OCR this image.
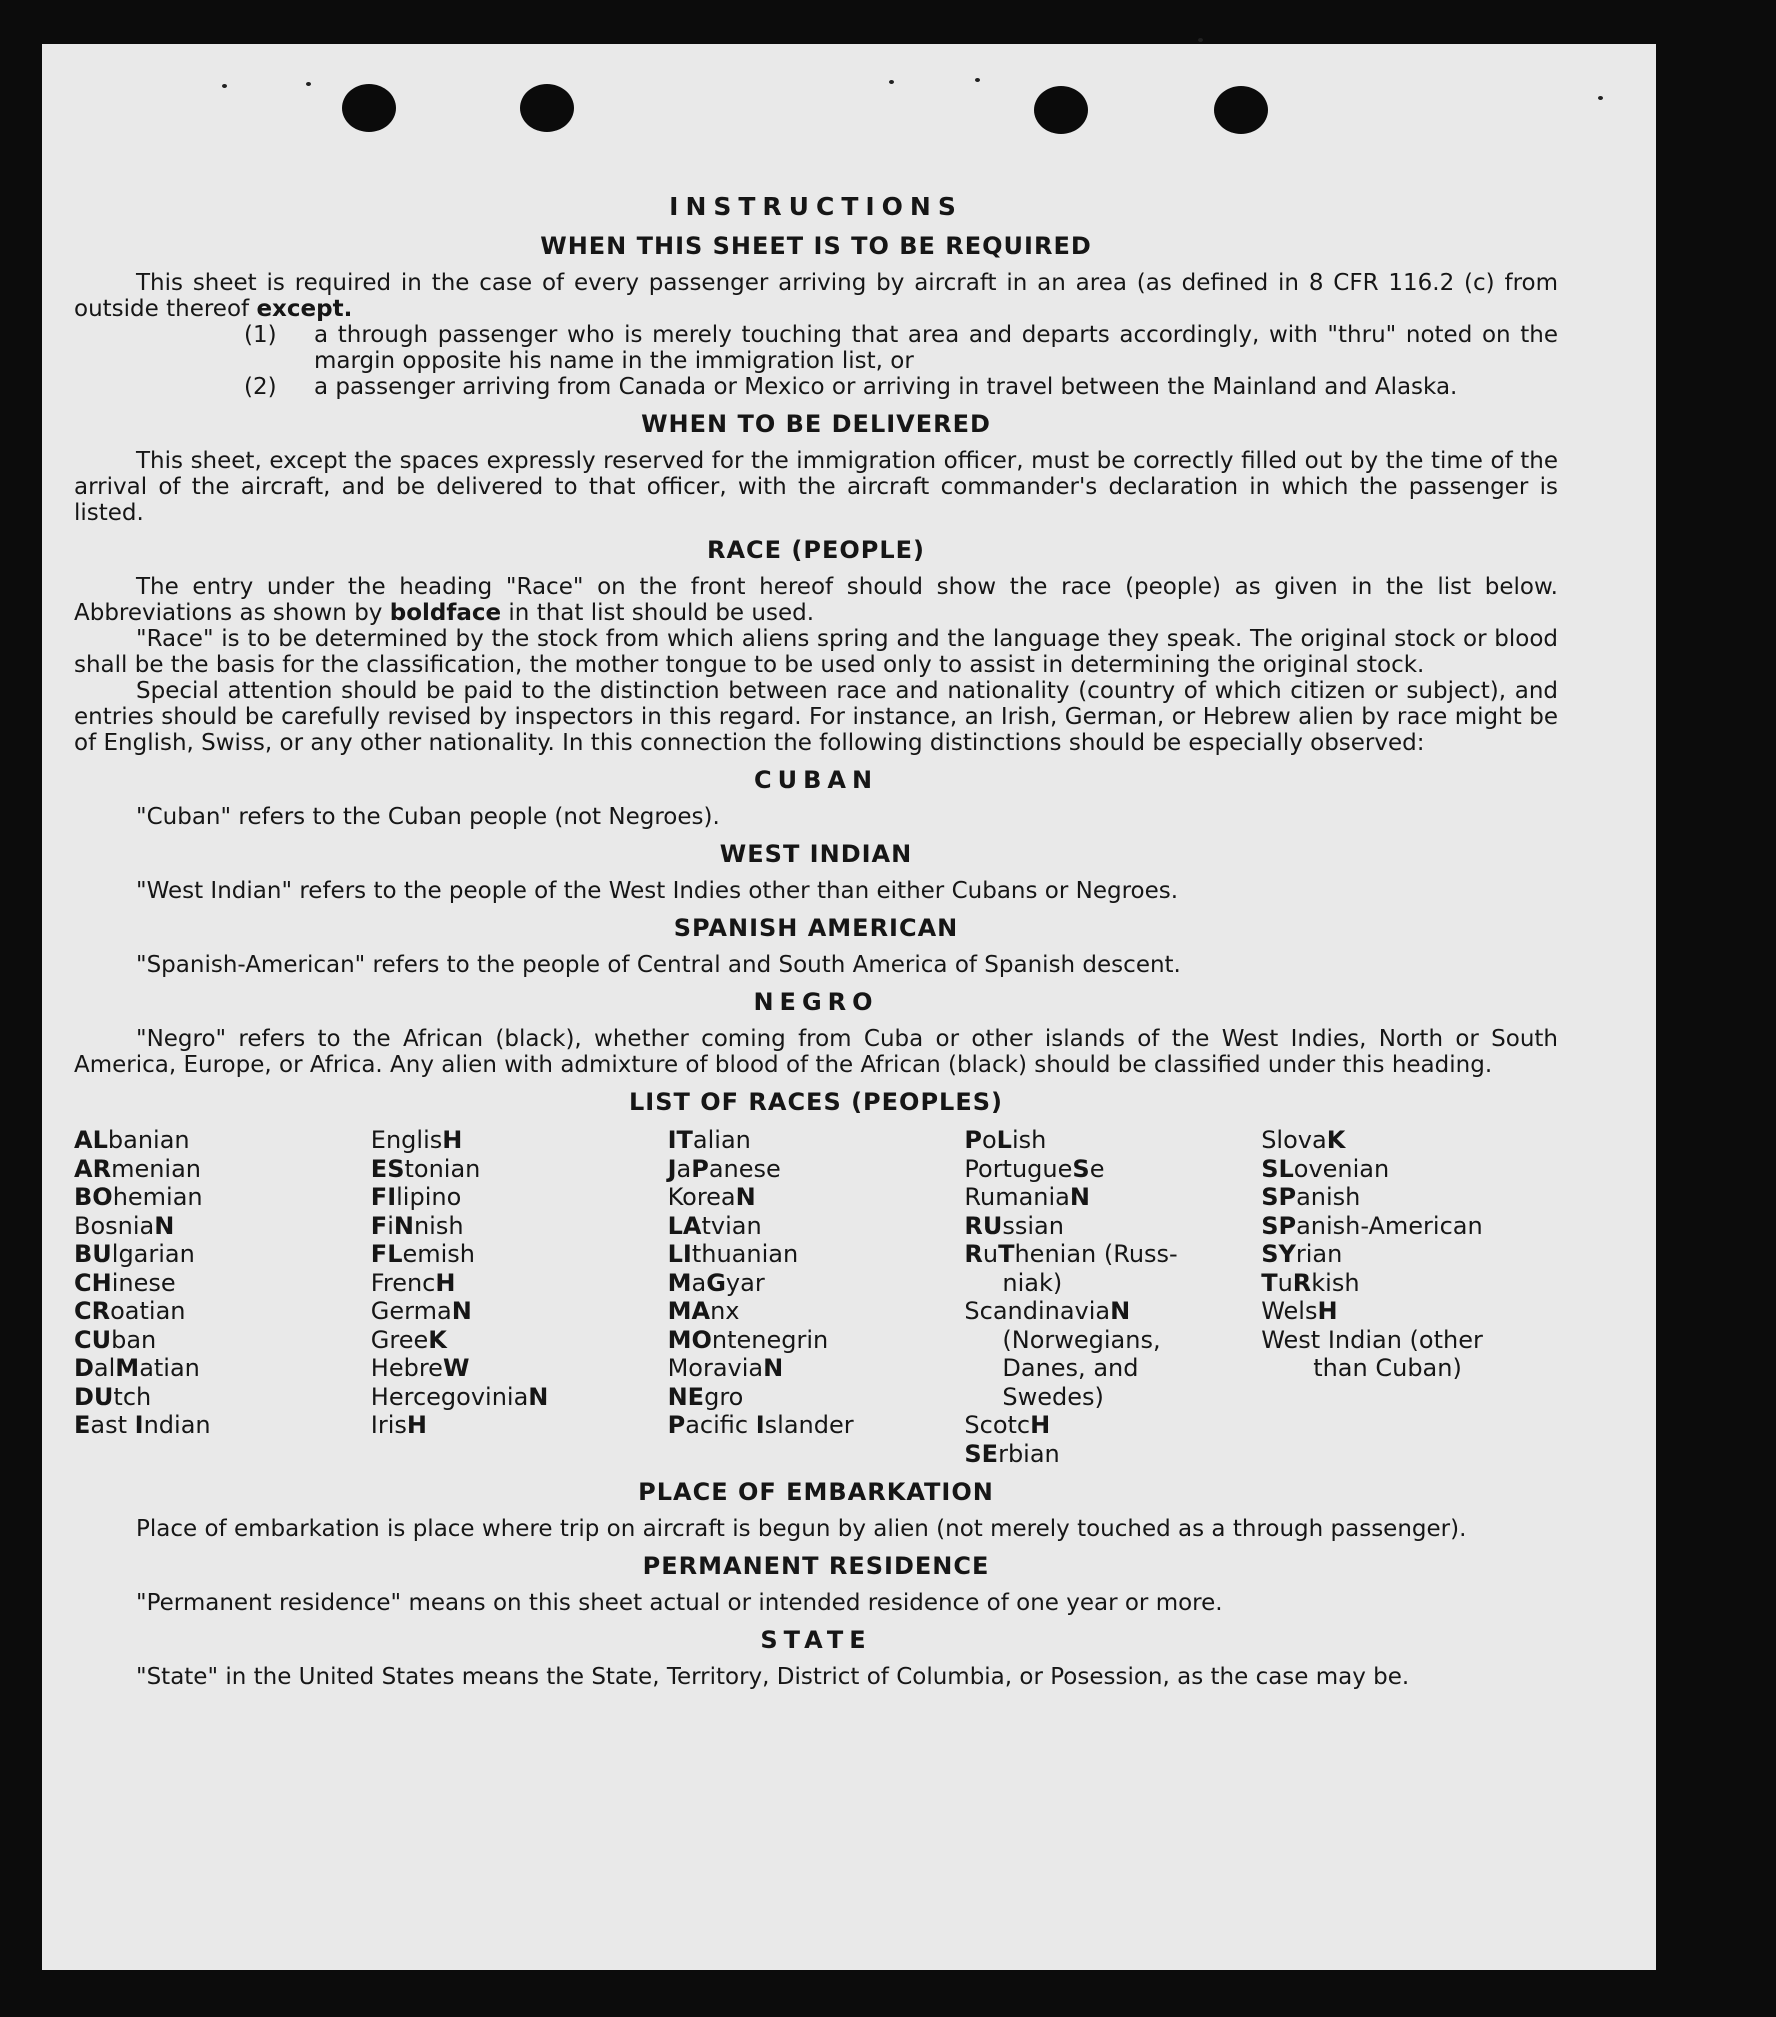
INSTRUCTIONS
WHEN THIS SHEET IS TO BE REQUIRED

This sheet is required in the case of every passenger arriving by aircraft in an area (as defined in 8 CFR 116.2 (c) from outside thereof except.

(1)	a through passenger who is merely touching that area and departs accordingly, with "thru" noted on the margin opposite his name in the immigration list, or
(2)	a passenger arriving from Canada or Mexico or arriving in travel between the Mainland and Alaska.
WHEN TO BE DELIVERED

This sheet, except the spaces expressly reserved for the immigration officer, must be correctly filled out by the time of the arrival of the aircraft, and be delivered to that officer, with the aircraft commander's declaration in which the passenger is listed.

RACE (PEOPLE)

The entry under the heading "Race" on the front hereof should show the race (people) as given in the list below. Abbreviations as shown by boldface in that list should be used.

"Race" is to be determined by the stock from which aliens spring and the language they speak. The original stock or blood shall be the basis for the classification, the mother tongue to be used only to assist in determining the original stock.

Special attention should be paid to the distinction between race and nationality (country of which citizen or subject), and entries should be carefully revised by inspectors in this regard. For instance, an Irish, German, or Hebrew alien by race might be of English, Swiss, or any other nationality. In this connection the following distinctions should be especially observed:

CUBAN

"Cuban" refers to the Cuban people (not Negroes).

WEST INDIAN

"West Indian" refers to the people of the West Indies other than either Cubans or Negroes.

SPANISH AMERICAN

"Spanish-American" refers to the people of Central and South America of Spanish descent.

NEGRO

"Negro" refers to the African (black), whether coming from Cuba or other islands of the West Indies, North or South America, Europe, or Africa. Any alien with admixture of blood of the African (black) should be classified under this heading.

LIST OF RACES (PEOPLES)
ALbanian
ARmenian
BOhemian
BosniaN
BUlgarian
CHinese
CRoatian
CUban
DalMatian
DUtch
East Indian
EnglisH
EStonian
FIlipino
FiNnish
FLemish
FrencH
GermaN
GreeK
HebreW
HercegoviniaN
IrisH
ITalian
JaPanese
KoreaN
LAtvian
LIthuanian
MaGyar
MAnx
MOntenegrin
MoraviaN
NEgro
Pacific Islander
PoLish
PortugueSe
RumaniaN
RUssian
RuThenian (Russ-
niak)
ScandinaviaN
(Norwegians,
Danes, and
Swedes)
ScotcH
SErbian
SlovaK
SLovenian
SPanish
SPanish-American
SYrian
TuRkish
WelsH
West Indian (other
than Cuban)
PLACE OF EMBARKATION

Place of embarkation is place where trip on aircraft is begun by alien (not merely touched as a through passenger).

PERMANENT RESIDENCE

"Permanent residence" means on this sheet actual or intended residence of one year or more.

STATE

"State" in the United States means the State, Territory, District of Columbia, or Posession, as the case may be.
